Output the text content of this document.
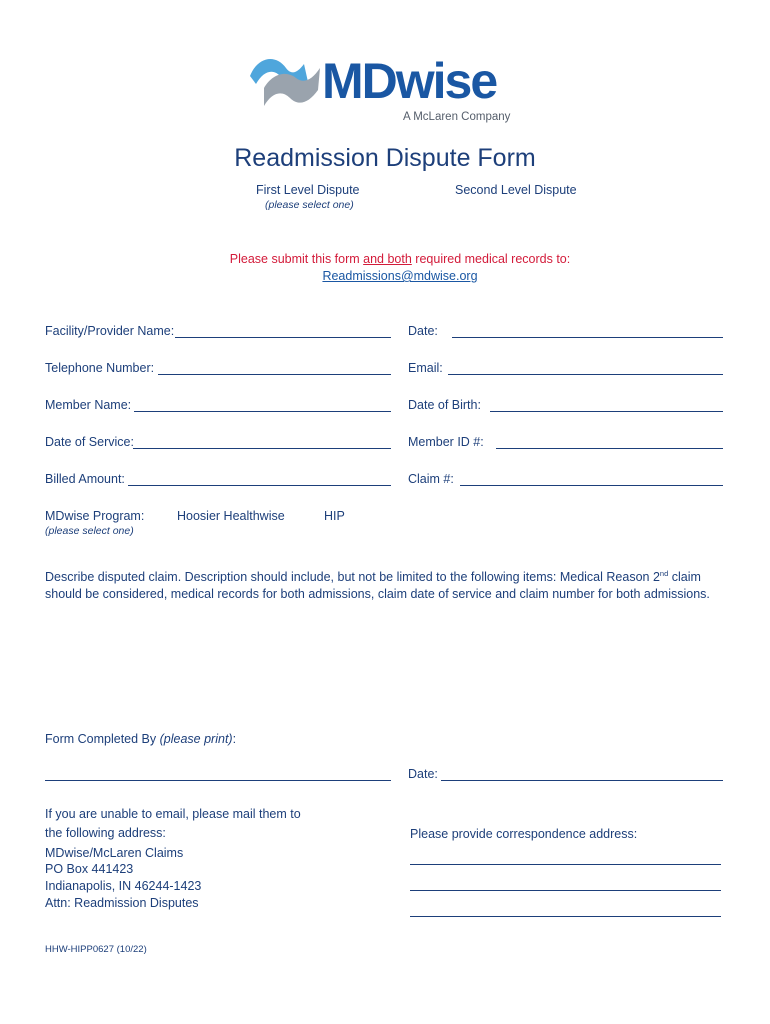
MDwise
A McLaren Company
Readmission Dispute Form
First Level Dispute	Second Level Dispute
(please select one)
Please submit this form and both required medical records to:
Readmissions@mdwise.org
Facility/Provider Name:	Date:
Telephone Number:	Email:
Member Name:	Date of Birth:
Date of Service:	Member ID #:
Billed Amount:	Claim #:
MDwise Program:
(please select one)
Hoosier Healthwise	HIP
Describe disputed claim. Description should include, but not be limited to the following items: Medical Reason 2nd claim
should be considered, medical records for both admissions, claim date of service and claim number for both admissions.
Form Completed By (please print):
Date:
If you are unable to email, please mail them to
the following address:
MDwise/McLaren Claims
PO Box 441423
Indianapolis, IN 46244-1423
Attn: Readmission Disputes
Please provide correspondence address:
HHW-HIPP0627 (10/22)
